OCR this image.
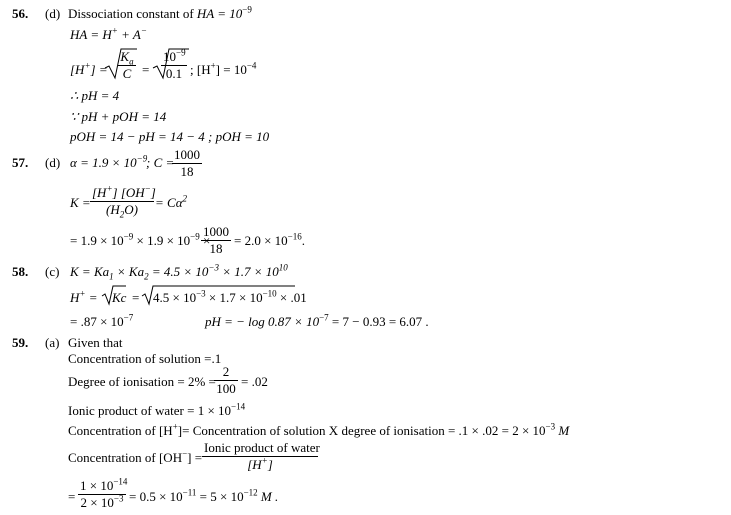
56. (d) Dissociation constant of HA = $10^{-9}$
HA = H+ + A−
[H+] =
$K_a$
C =
$10^{-9}$
0.1 ; $[H^+] = 10^{-4}$
∴ pH = 4
∵ pH + pOH = 14
pOH = 14 − pH = 14 − 4 ; pOH = 10
57. (d) $\alpha = 1.9 \times 10^{-9}$
; C =
1000
18
K =
[H+] [OH−]
$(H_2O)$	= $C\alpha^2$
= $1.9 \times 10^{-9} \times 1.9 \times 10^{-9}$ ×
1000
18
= $2.0 \times 10^{-16}$.
58. (c) $K = Ka_1 \times Ka_2 = 4.5 \times 10^{-3} \times 1.7 \times 10^{10}$
$H^+ = Kc = 4.5 \times 10^{-3} \times 1.7 \times 10^{-10} \times .01$
= $.87 \times 10^{-7}$	pH = − $\log 0.87 \times 10^{-7} = 7 - 0.93 = 6.07$ .
59. (a) Given that
Concentration of solution =.1
Degree of ionisation = 2% =
2
100 = .02
Ionic product of water = $1 \times 10^{-14}$
Concentration of [H+]= Concentration of solution X degree of ionisation = $.1 \times .02 = 2 \times 10^{-3}$ M
Concentration of [OH−] =
Ionic product of water
[H+]
=
$1 \times 10^{-14}$
$2 \times 10^{-3} = 0.5 \times 10^{-11} = 5 \times 10^{-12}$ M .
